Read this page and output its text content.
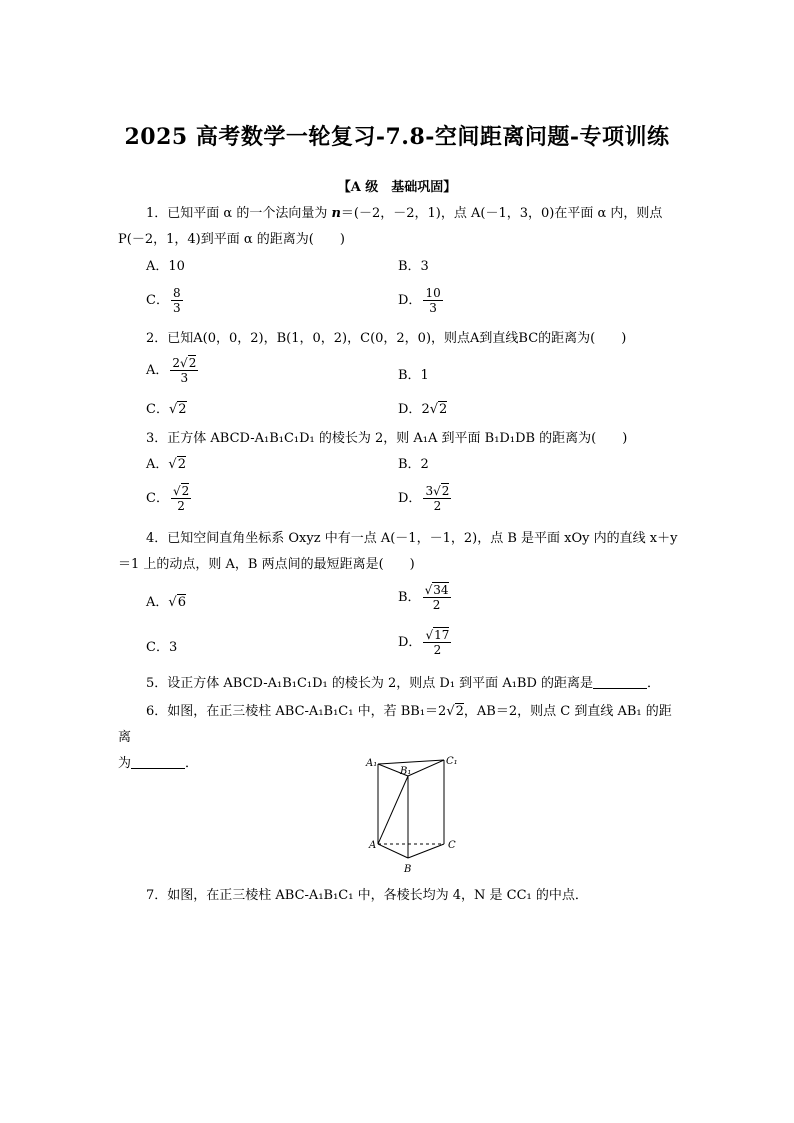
2025 高考数学一轮复习-7.8-空间距离问题-专项训练
【A 级　基础巩固】
1．已知平面 α 的一个法向量为 n＝(－2，－2，1)，点 A(－1，3，0)在平面 α 内，则点
P(－2，1，4)到平面 α 的距离为(　　)
A．10	B．3
C． $\frac{8}{3}$	D． $\frac{10}{3}$
2．已知A(0，0，2)，B(1，0，2)，C(0，2，0)，则点A到直线BC的距离为(　　)
A． $\frac{2√2}{3}$	B．1
C．√2	D．2√2
3．正方体 ABCD-A₁B₁C₁D₁ 的棱长为 2，则 A₁A 到平面 B₁D₁DB 的距离为(　　)
A．√2	B．2
C． $\frac{√2}{2}$	D． $\frac{3√2}{2}$
4．已知空间直角坐标系 Oxyz 中有一点 A(－1，－1，2)，点 B 是平面 xOy 内的直线 x＋y
＝1 上的动点，则 A，B 两点间的最短距离是(　　)
A．√6	B． $\frac{√34}{2}$
C．3	D． $\frac{√17}{2}$
5．设正方体 ABCD-A₁B₁C₁D₁ 的棱长为 2，则点 D₁ 到平面 A₁BD 的距离是	．
6．如图，在正三棱柱 ABC-A₁B₁C₁ 中，若 BB₁＝2√2，AB＝2，则点 C 到直线 AB₁ 的距离
为	．	A₁
B₁
C₁
A	C
B
7．如图，在正三棱柱 ABC-A₁B₁C₁ 中，各棱长均为 4，N 是 CC₁ 的中点．
